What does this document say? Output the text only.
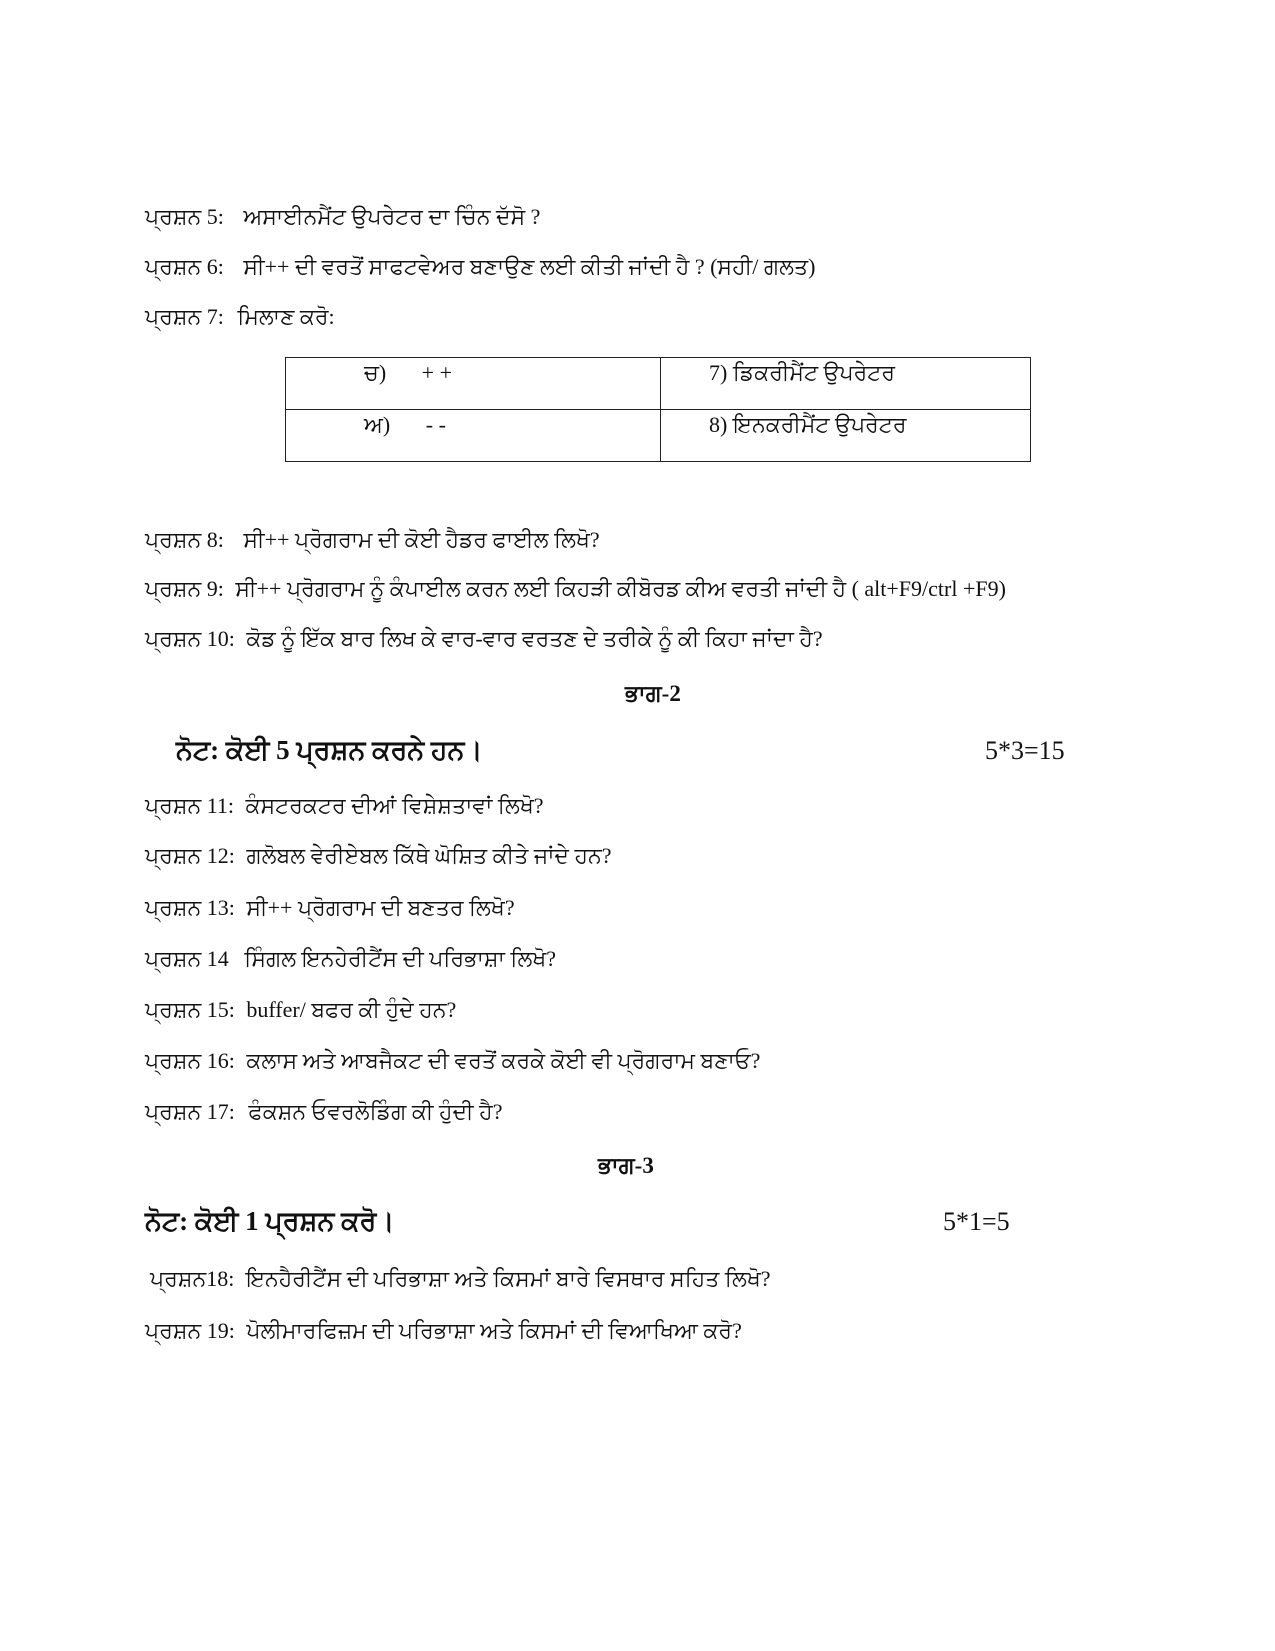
ਪ੍ਰਸ਼ਨ 5: ਅਸਾਈਨਮੈਂਟ ਉਪਰੇਟਰ ਦਾ ਚਿੰਨ ਦੱਸੋ ?
ਪ੍ਰਸ਼ਨ 6: ਸੀ++ ਦੀ ਵਰਤੋਂ ਸਾਫਟਵੇਅਰ ਬਣਾਉਣ ਲਈ ਕੀਤੀ ਜਾਂਦੀ ਹੈ ? (ਸਹੀ/ ਗਲਤ)
ਪ੍ਰਸ਼ਨ 7: ਮਿਲਾਣ ਕਰੋ:
ਚ) + +	7) ਡਿਕਰੀਮੈਂਟ ਉਪਰੇਟਰ
ਅ) - -	8) ਇਨਕਰੀਮੈਂਟ ਉਪਰੇਟਰ
ਪ੍ਰਸ਼ਨ 8: ਸੀ++ ਪ੍ਰੋਗਰਾਮ ਦੀ ਕੋਈ ਹੈਡਰ ਫਾਈਲ ਲਿਖੋ?
ਪ੍ਰਸ਼ਨ 9: ਸੀ++ ਪ੍ਰੋਗਰਾਮ ਨੂੰ ਕੰਪਾਈਲ ਕਰਨ ਲਈ ਕਿਹੜੀ ਕੀਬੋਰਡ ਕੀਅ ਵਰਤੀ ਜਾਂਦੀ ਹੈ ( alt+F9/ctrl +F9)
ਪ੍ਰਸ਼ਨ 10: ਕੋਡ ਨੂੰ ਇੱਕ ਬਾਰ ਲਿਖ ਕੇ ਵਾਰ-ਵਾਰ ਵਰਤਣ ਦੇ ਤਰੀਕੇ ਨੂੰ ਕੀ ਕਿਹਾ ਜਾਂਦਾ ਹੈ?
ਭਾਗ-2
ਨੋਟ: ਕੋਈ 5 ਪ੍ਰਸ਼ਨ ਕਰਨੇ ਹਨ।	5*3=15
ਪ੍ਰਸ਼ਨ 11: ਕੰਸਟਰਕਟਰ ਦੀਆਂ ਵਿਸ਼ੇਸ਼ਤਾਵਾਂ ਲਿਖੋ?
ਪ੍ਰਸ਼ਨ 12: ਗਲੋਬਲ ਵੇਰੀਏਬਲ ਕਿੱਥੇ ਘੋਸ਼ਿਤ ਕੀਤੇ ਜਾਂਦੇ ਹਨ?
ਪ੍ਰਸ਼ਨ 13: ਸੀ++ ਪ੍ਰੋਗਰਾਮ ਦੀ ਬਣਤਰ ਲਿਖੋ?
ਪ੍ਰਸ਼ਨ 14 ਸਿੰਗਲ ਇਨਹੇਰੀਟੈਂਸ ਦੀ ਪਰਿਭਾਸ਼ਾ ਲਿਖੋ?
ਪ੍ਰਸ਼ਨ 15: buffer/ ਬਫਰ ਕੀ ਹੁੰਦੇ ਹਨ?
ਪ੍ਰਸ਼ਨ 16: ਕਲਾਸ ਅਤੇ ਆਬਜੈਕਟ ਦੀ ਵਰਤੋਂ ਕਰਕੇ ਕੋਈ ਵੀ ਪ੍ਰੋਗਰਾਮ ਬਣਾਓ?
ਪ੍ਰਸ਼ਨ 17: ਫੰਕਸ਼ਨ ਓਵਰਲੋਡਿੰਗ ਕੀ ਹੁੰਦੀ ਹੈ?
ਭਾਗ-3
ਨੋਟ: ਕੋਈ 1 ਪ੍ਰਸ਼ਨ ਕਰੋ।	5*1=5
ਪ੍ਰਸ਼ਨ18: ਇਨਹੈਰੀਟੈਂਸ ਦੀ ਪਰਿਭਾਸ਼ਾ ਅਤੇ ਕਿਸਮਾਂ ਬਾਰੇ ਵਿਸਥਾਰ ਸਹਿਤ ਲਿਖੋ?
ਪ੍ਰਸ਼ਨ 19: ਪੋਲੀਮਾਰਫਿਜ਼ਮ ਦੀ ਪਰਿਭਾਸ਼ਾ ਅਤੇ ਕਿਸਮਾਂ ਦੀ ਵਿਆਖਿਆ ਕਰੋ?
